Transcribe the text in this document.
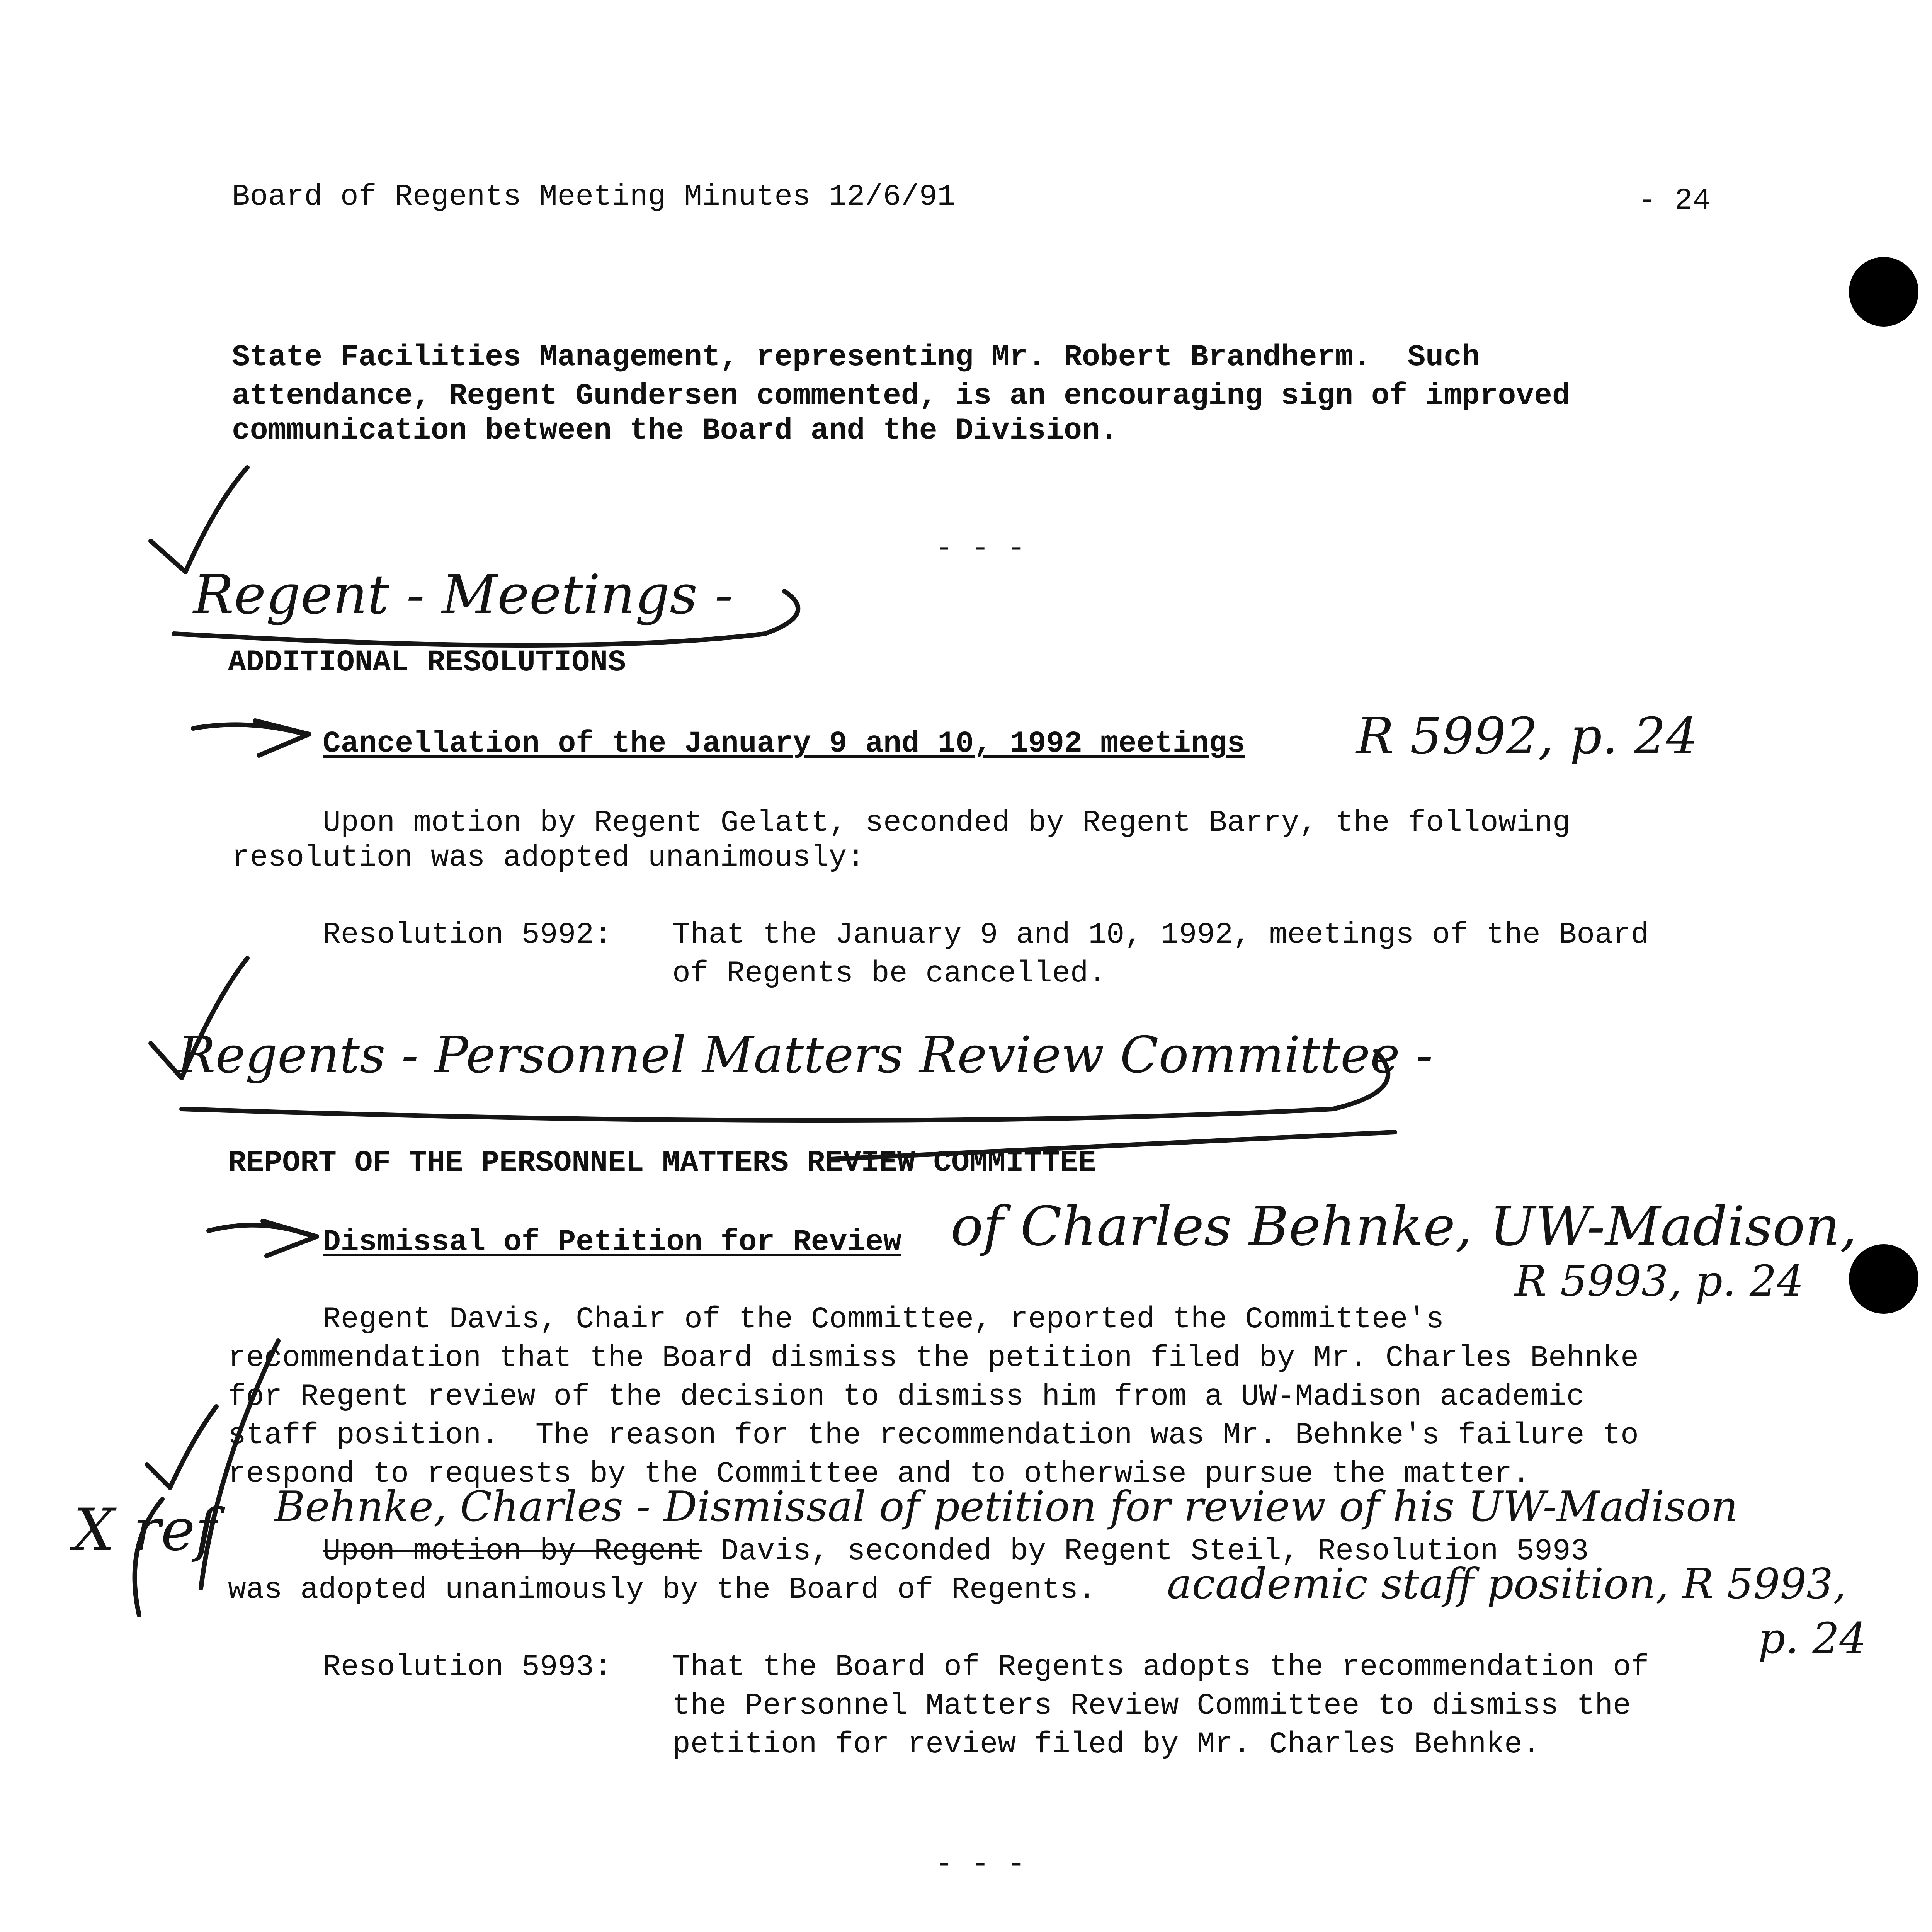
Board of Regents Meeting Minutes 12/6/91	- 24
State Facilities Management, representing Mr. Robert Brandherm.  Such
attendance, Regent Gundersen commented, is an encouraging sign of improved
communication between the Board and the Division.
- - -
Regent - Meetings -
ADDITIONAL RESOLUTIONS
Cancellation of the January 9 and 10, 1992 meetings R 5992, p. 24
Upon motion by Regent Gelatt, seconded by Regent Barry, the following
resolution was adopted unanimously:
Resolution 5992: That the January 9 and 10, 1992, meetings of the Board
of Regents be cancelled.
Regents - Personnel Matters Review Committee -
REPORT OF THE PERSONNEL MATTERS REVIEW COMMITTEE
Dismissal of Petition for Review of Charles Behnke, UW-Madison,
R 5993, p. 24
Regent Davis, Chair of the Committee, reported the Committee's
recommendation that the Board dismiss the petition filed by Mr. Charles Behnke
for Regent review of the decision to dismiss him from a UW-Madison academic
staff position.  The reason for the recommendation was Mr. Behnke's failure to
respond to requests by the Committee and to otherwise pursue the matter.
X ref Behnke, Charles - Dismissal of petition for review of his UW-Madison
Upon motion by Regent Davis, seconded by Regent Steil, Resolution 5993
was adopted unanimously by the Board of Regents. academic staff position, R 5993,
p. 24
Resolution 5993: That the Board of Regents adopts the recommendation of
the Personnel Matters Review Committee to dismiss the
petition for review filed by Mr. Charles Behnke.
- - -
